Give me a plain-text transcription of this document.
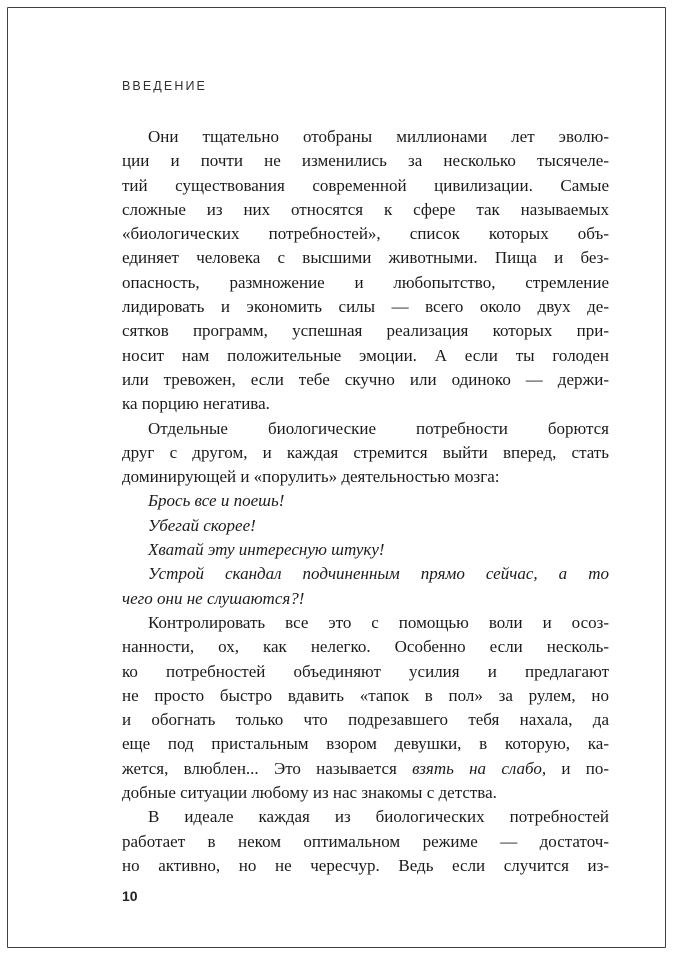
ВВЕДЕНИЕ
Они тщательно отобраны миллионами лет эволю-
ции и почти не изменились за несколько тысячеле-
тий существования современной цивилизации. Самые
сложные из них относятся к сфере так называемых
«биологических потребностей», список которых объ-
единяет человека с высшими животными. Пища и без-
опасность, размножение и любопытство, стремление
лидировать и экономить силы — всего около двух де-
сятков программ, успешная реализация которых при-
носит нам положительные эмоции. А если ты голоден
или тревожен, если тебе скучно или одиноко — держи-
ка порцию негатива.
Отдельные биологические потребности борются
друг с другом, и каждая стремится выйти вперед, стать
доминирующей и «порулить» деятельностью мозга:
Брось все и поешь!
Убегай скорее!
Хватай эту интересную штуку!
Устрой скандал подчиненным прямо сейчас, а то
чего они не слушаются?!
Контролировать все это с помощью воли и осоз-
нанности, ох, как нелегко. Особенно если несколь-
ко потребностей объединяют усилия и предлагают
не просто быстро вдавить «тапок в пол» за рулем, но
и обогнать только что подрезавшего тебя нахала, да
еще под пристальным взором девушки, в которую, ка-
жется, влюблен... Это называется взять на слабо, и по-
добные ситуации любому из нас знакомы с детства.
В идеале каждая из биологических потребностей
работает в неком оптимальном режиме — достаточ-
но активно, но не чересчур. Ведь если случится из-
10
